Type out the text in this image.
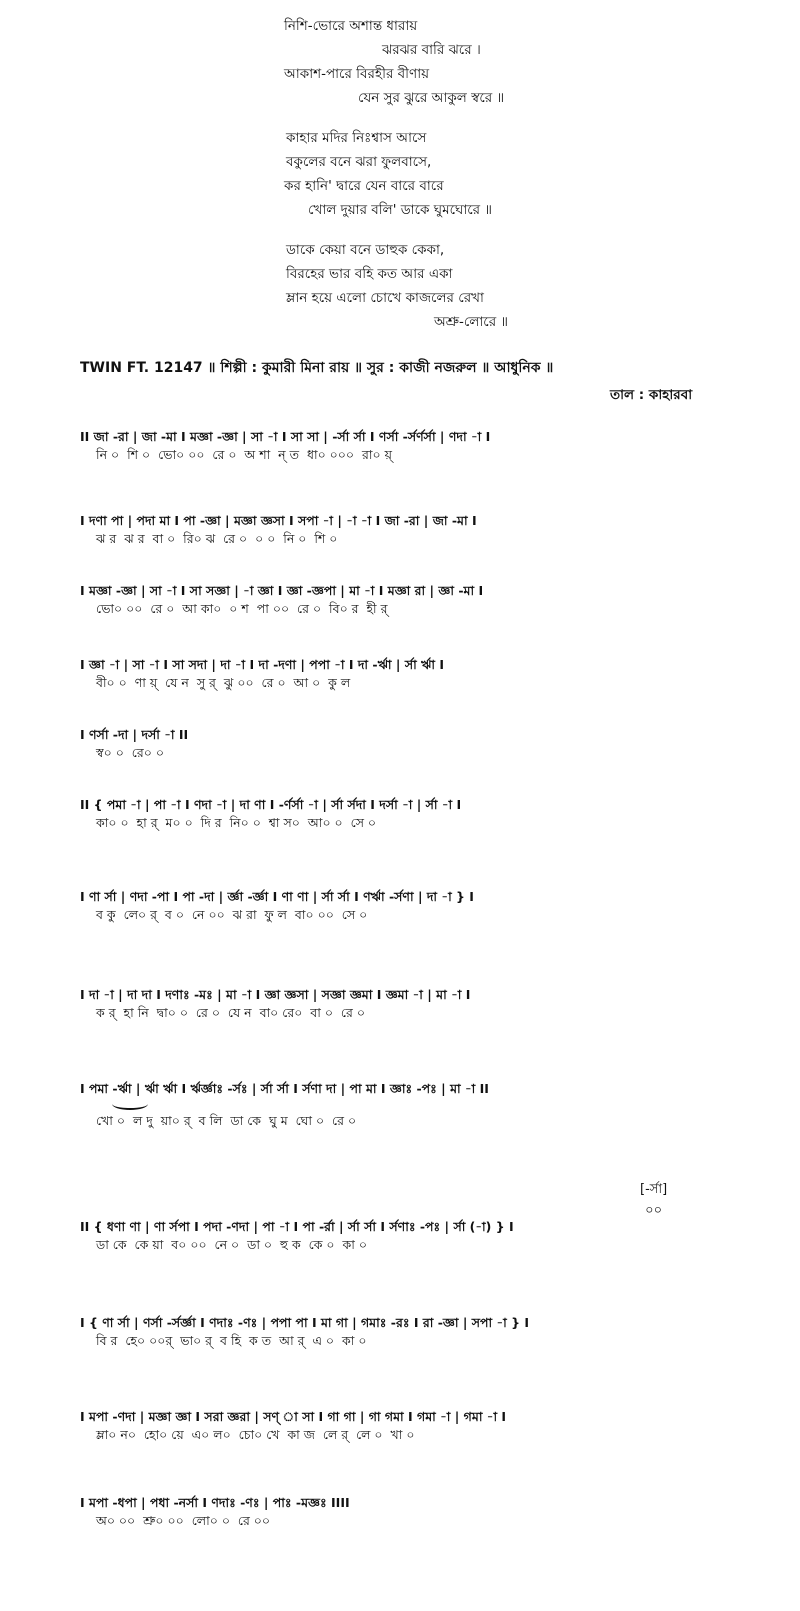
নিশি-ভোরে অশান্ত ধারায়
ঝরঝর বারি ঝরে ।
আকাশ-পারে বিরহীর বীণায়
যেন সুর ঝুরে আকুল স্বরে ॥
কাহার মদির নিঃশ্বাস আসে
বকুলের বনে ঝরা ফুলবাসে,
কর হানি' দ্বারে যেন বারে বারে
খোল দুয়ার বলি' ডাকে ঘুমঘোরে ॥
ডাকে কেয়া বনে ডাহুক কেকা,
বিরহের ভার বহি কত আর একা
ম্লান হয়ে এলো চোখে কাজলের রেখা
অশ্রু-লোরে ॥
TWIN FT. 12147 ॥ শিল্পী : কুমারী মিনা রায় ॥ সুর : কাজী নজরুল ॥ আধুনিক ॥
তাল : কাহারবা
II জা -রা | জা -মা I মজ্ঞা -জ্ঞা | সা -া I সা সা | -র্সা র্সা I ণর্সা -র্সর্ণর্সা | ণদা -া I
নি ০  শি ০  ভো০ ০০  রে ০  অ শা  ন্ ত  ধা০ ০০০  রা০ য়্
I দণা পা | পদা মা I পা -জ্ঞা | মজ্ঞা জ্ঞসা I সপা -া | -া -া I জা -রা | জা -মা I
ঝ র  ঝ র  বা ০  রি০ ঝ  রে ০  ০ ০  নি ০  শি ০
I মজ্ঞা -জ্ঞা | সা -া I সা সজ্ঞা | -া জ্ঞা I জ্ঞা -জ্ঞপা | মা -া I মজ্ঞা রা | জ্ঞা -মা I
ভো০ ০০  রে ০  আ কা০  ০ শ  পা ০০  রে ০  বি০ র  হী র্
I জ্ঞা -া | সা -া I সা সদা | দা -া I দা -দণা | পপা -া I দা -র্ঋা | র্সা র্ঋা I
বী০ ০  ণা য়্  যে ন  সু র্  ঝু ০০  রে ০  আ ০  কু ল
I ণর্সা -দা | দর্সা -া II
স্ব০ ০  রে০ ০
II { পমা -া | পা -া I ণদা -া | দা ণা I -র্ণর্সা -া | র্সা র্সদা I দর্সা -া | র্সা -া I
কা০ ০  হা র্  ম০ ০  দি র  নি০ ০  শ্বা স০  আ০ ০  সে ০
I ণা র্সা | ণদা -পা I পা -দা | র্জ্ঞা -র্জ্ঞা I ণা ণা | র্সা র্সা I ণর্ঋা -র্সণা | দা -া } I
ব কু  লে০ র্  ব ০  নে ০০  ঝ রা  ফু ল  বা০ ০০  সে ০
I দা -া | দা দা I দণাঃ -মঃ | মা -া I জ্ঞা জ্ঞসা | সজ্ঞা জ্ঞমা I জ্ঞমা -া | মা -া I
ক র্  হা নি  দ্বা০ ০  রে ০  যে ন  বা০ রে০  বা ০  রে ০
I পমা -র্ঋা | র্ঋা র্ঋা I র্ঋর্জ্ঞাঃ -র্সঃ | র্সা র্সা I র্সণা দা | পা মা I জ্ঞাঃ -পঃ | মা -া II
খো ০  ল দু  য়া০ র্  ব লি  ডা কে  ঘু ম  ঘো ০  রে ০
[-র্সা]
০০
II { ধণা ণা | ণা র্সপা I পদা -ণদা | পা -া I পা -র্রা | র্সা র্সা I র্সণাঃ -পঃ | র্সা (-া) } I
ডা কে  কে য়া  ব০ ০০  নে ০  ডা ০  হু ক  কে ০  কা ০
I { ণা র্সা | ণর্সা -র্সর্জ্ঞা I ণদাঃ -ণঃ | পপা পা I মা গা | গমাঃ -রঃ I রা -জ্ঞা | সপা -া } I
বি র  হে০ ০০র্  ভা০ র্  ব হি  ক ত  আ র্  এ ০  কা ০
I মপা -ণদা | মজ্ঞা জ্ঞা I সরা জ্ঞরা | সণ্ া সা I গা গা | গা গমা I গমা -া | গমা -া I
ম্লা০ ন০  হো০ য়ে  এ০ ল০  চো০ খে  কা জ  লে র্  লে ০  খা ০
I মপা -ধপা | পধা -নর্সা I ণদাঃ -ণঃ | পাঃ -মজ্ঞঃ IIII
অ০ ০০  শ্রু০ ০০  লো০ ০  রে ০০
